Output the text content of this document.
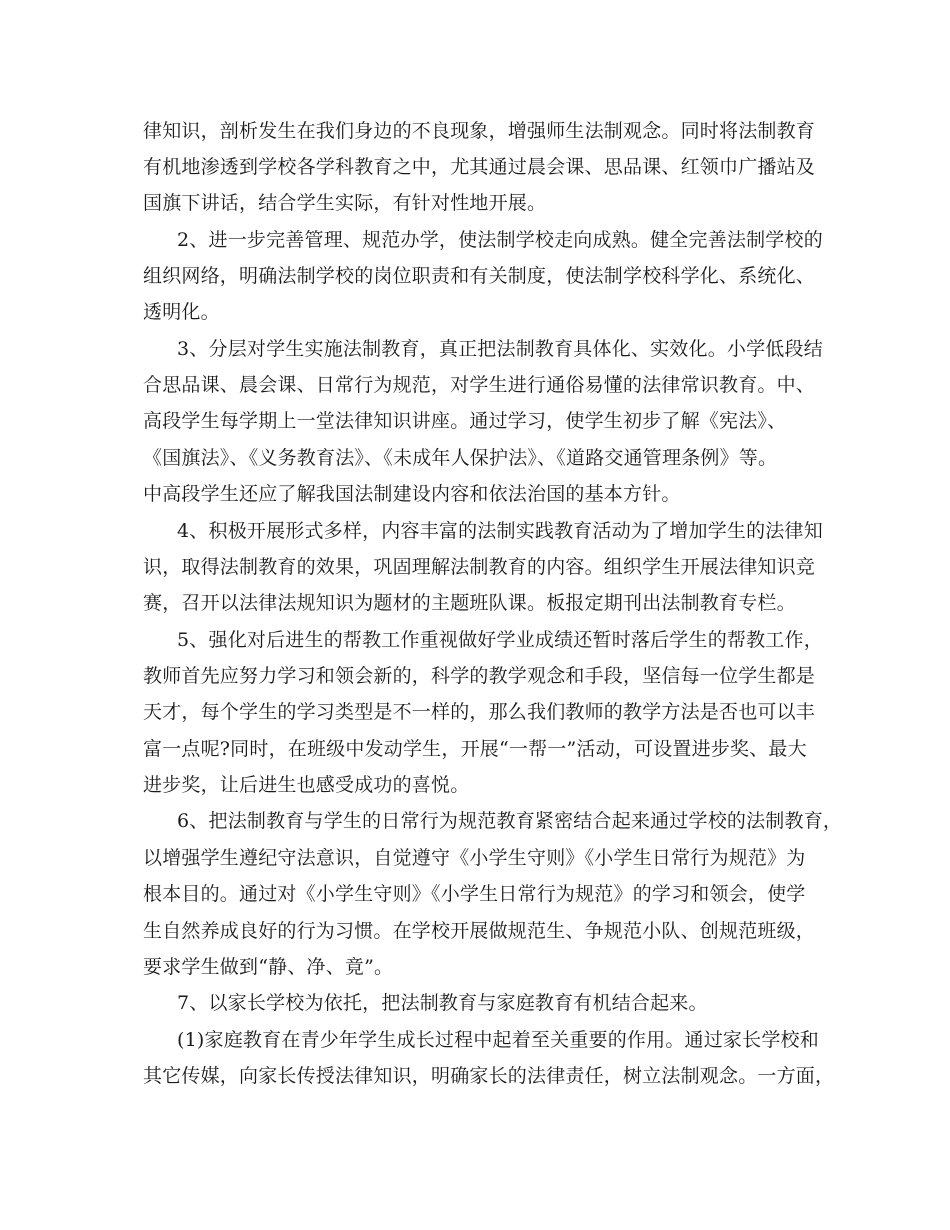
律知识，剖析发生在我们身边的不良现象，增强师生法制观念。同时将法制教育
有机地渗透到学校各学科教育之中，尤其通过晨会课、思品课、红领巾广播站及
国旗下讲话，结合学生实际，有针对性地开展。
2、进一步完善管理、规范办学，使法制学校走向成熟。健全完善法制学校的
组织网络，明确法制学校的岗位职责和有关制度，使法制学校科学化、系统化、
透明化。
3、分层对学生实施法制教育，真正把法制教育具体化、实效化。小学低段结
合思品课、晨会课、日常行为规范，对学生进行通俗易懂的法律常识教育。中、
高段学生每学期上一堂法律知识讲座。通过学习，使学生初步了解《宪法》、
《国旗法》、《义务教育法》、《未成年人保护法》、《道路交通管理条例》等。
中高段学生还应了解我国法制建设内容和依法治国的基本方针。
4、积极开展形式多样，内容丰富的法制实践教育活动为了增加学生的法律知
识，取得法制教育的效果，巩固理解法制教育的内容。组织学生开展法律知识竞
赛，召开以法律法规知识为题材的主题班队课。板报定期刊出法制教育专栏。
5、强化对后进生的帮教工作重视做好学业成绩还暂时落后学生的帮教工作，
教师首先应努力学习和领会新的，科学的教学观念和手段，坚信每一位学生都是
天才，每个学生的学习类型是不一样的，那么我们教师的教学方法是否也可以丰
富一点呢?同时，在班级中发动学生，开展“一帮一”活动，可设置进步奖、最大
进步奖，让后进生也感受成功的喜悦。
6、把法制教育与学生的日常行为规范教育紧密结合起来通过学校的法制教育，
以增强学生遵纪守法意识，自觉遵守《小学生守则》《小学生日常行为规范》为
根本目的。通过对《小学生守则》《小学生日常行为规范》的学习和领会，使学
生自然养成良好的行为习惯。在学校开展做规范生、争规范小队、创规范班级，
要求学生做到“静、净、竟”。
7、以家长学校为依托，把法制教育与家庭教育有机结合起来。
(1)家庭教育在青少年学生成长过程中起着至关重要的作用。通过家长学校和
其它传媒，向家长传授法律知识，明确家长的法律责任，树立法制观念。一方面，
